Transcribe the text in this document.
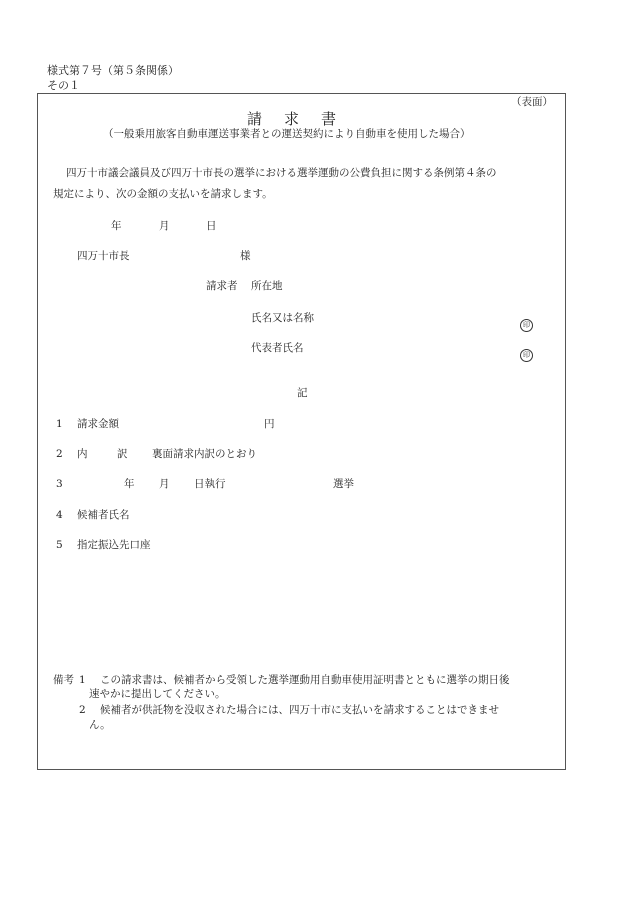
様式第７号（第５条関係）
その１
（表面）
請求書
（一般乗用旅客自動車運送事業者との運送契約により自動車を使用した場合）
四万十市議会議員及び四万十市長の選挙における選挙運動の公費負担に関する条例第４条の
規定により、次の金額の支払いを請求します。
年	月	日
四万十市長	様
請求者 所在地
氏名又は名称
印
代表者氏名
印
記
1 請求金額	円
2 内	訳 裏面請求内訳のとおり
3	年 月 日執行	選挙
4 候補者氏名
5 指定振込先口座
備考 1 この請求書は、候補者から受領した選挙運動用自動車使用証明書とともに選挙の期日後
速やかに提出してください。
2 候補者が供託物を没収された場合には、四万十市に支払いを請求することはできませ
ん。
